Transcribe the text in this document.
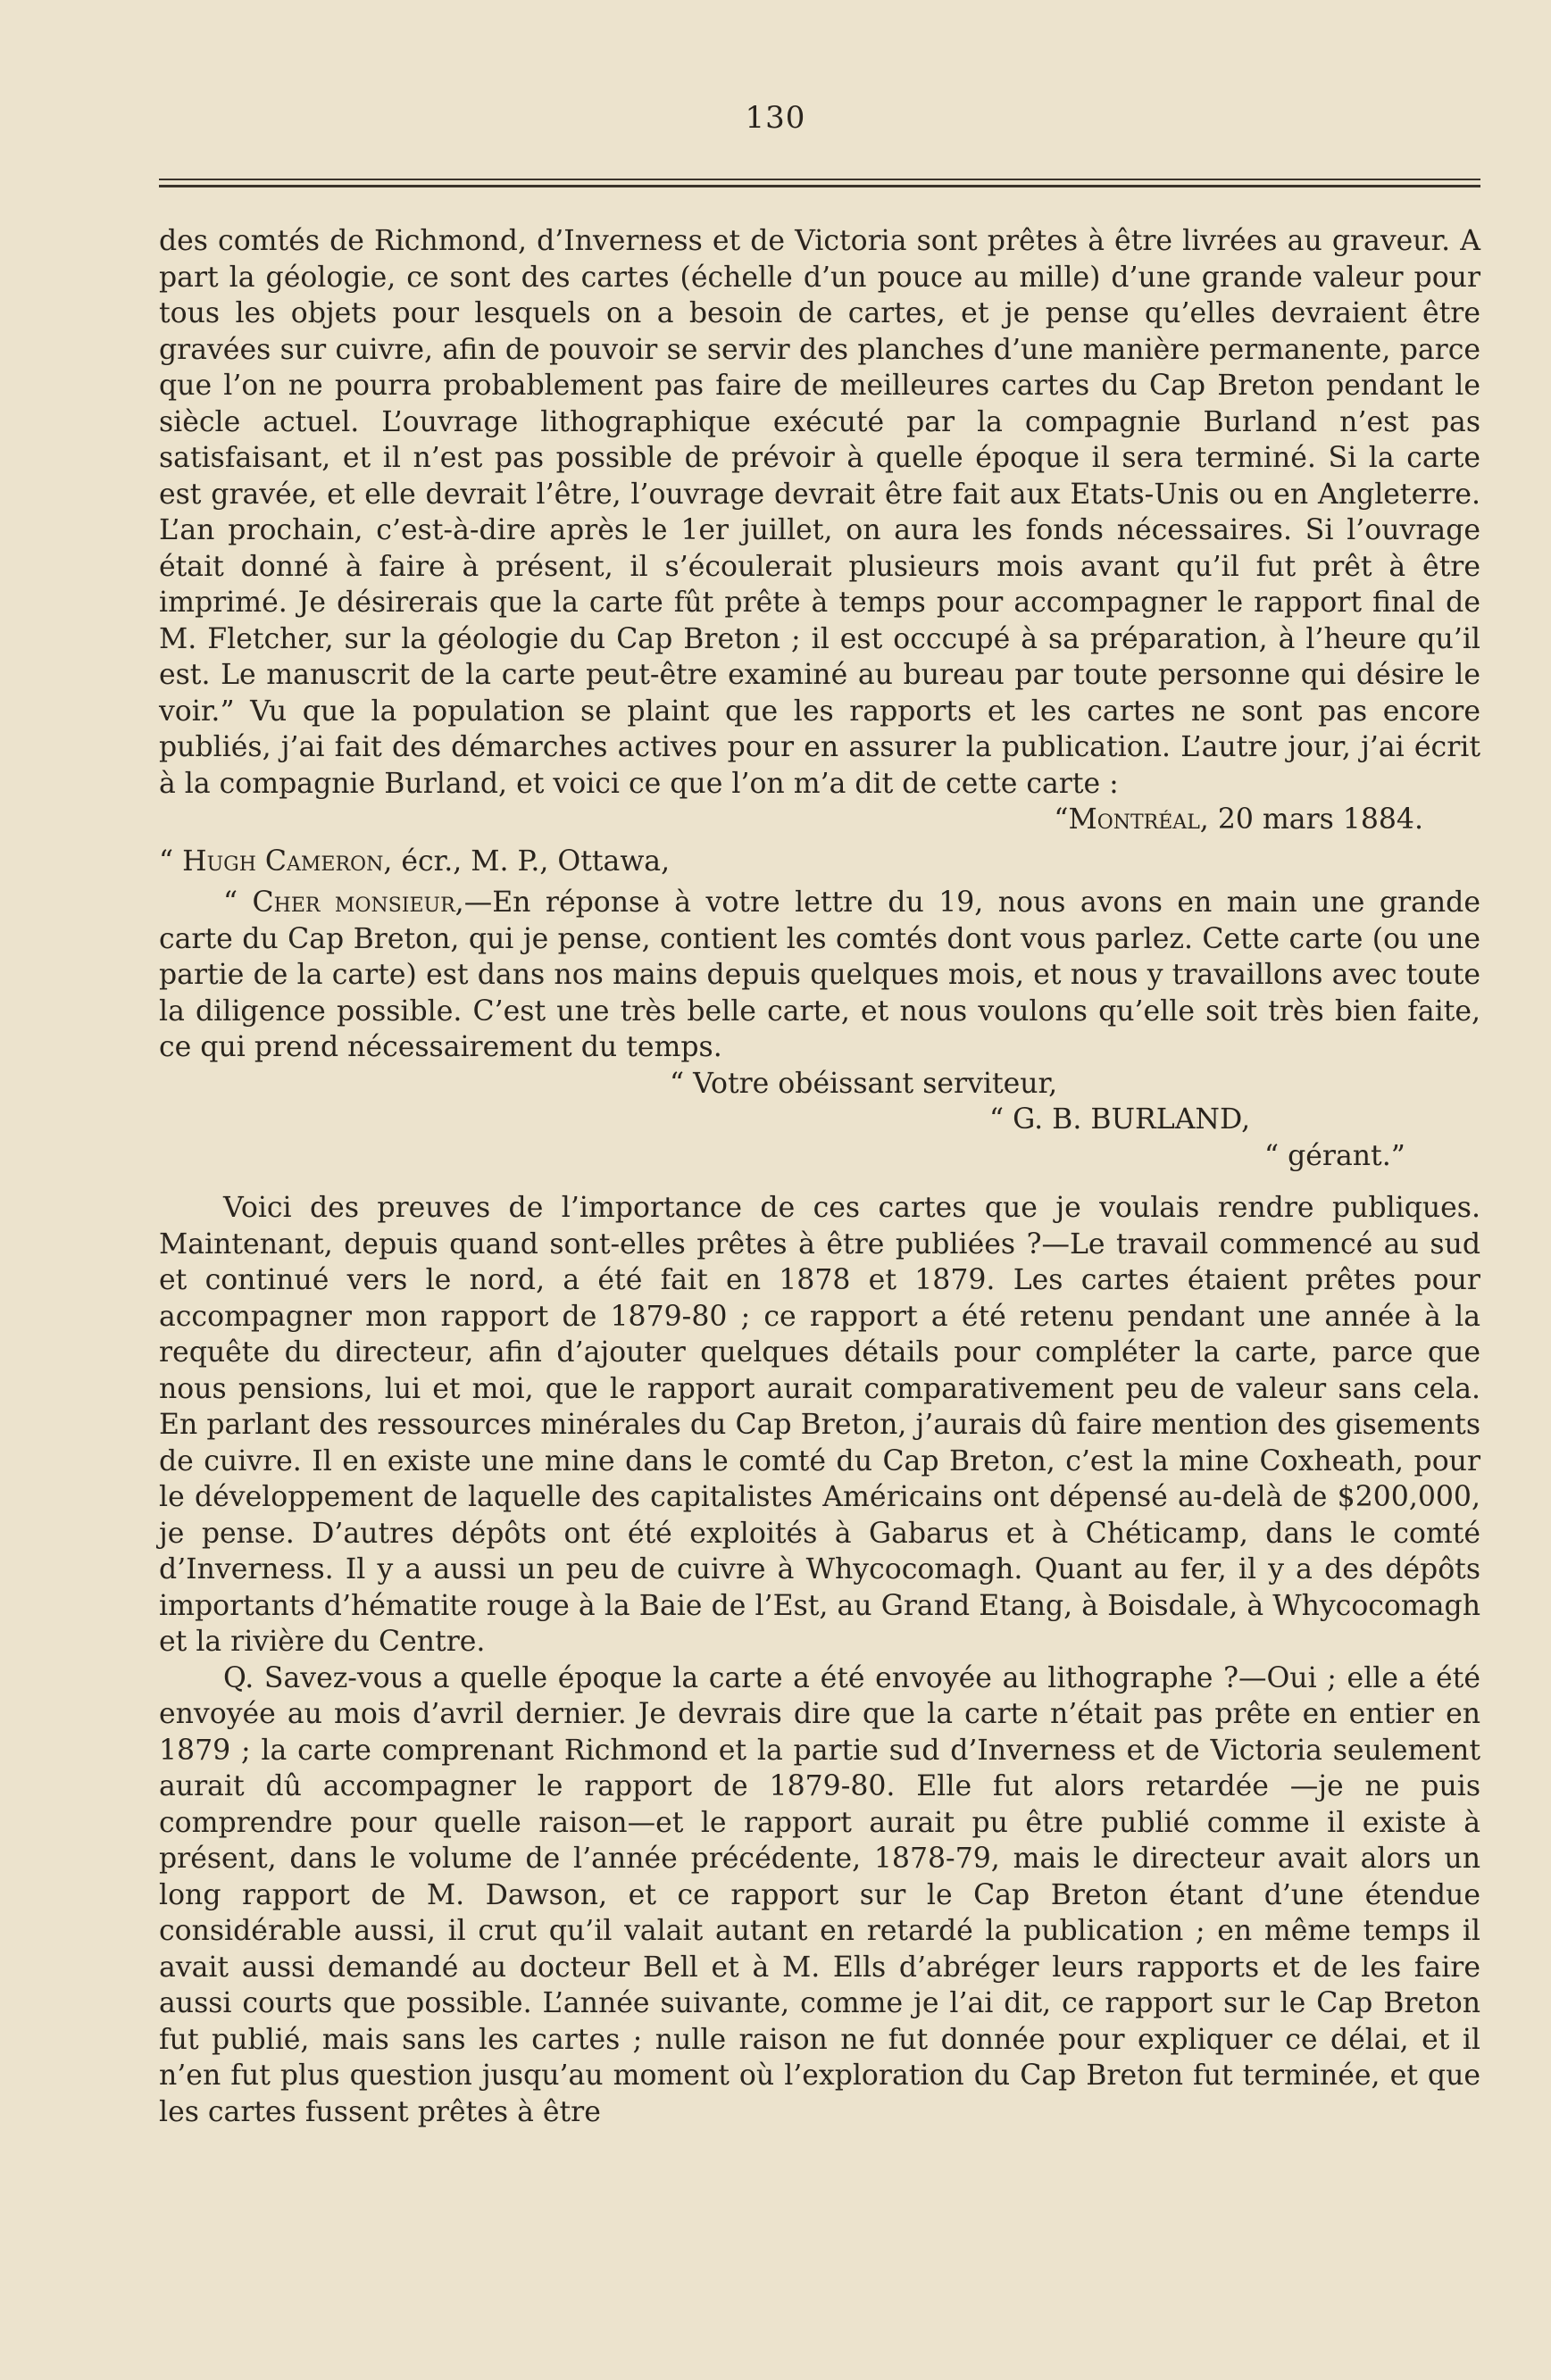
130

des comtés de Richmond, d’Inverness et de Victoria sont prêtes à être livrées au graveur. A part la géologie, ce sont des cartes (échelle d’un pouce au mille) d’une grande valeur pour tous les objets pour lesquels on a besoin de cartes, et je pense qu’elles devraient être gravées sur cuivre, afin de pouvoir se servir des planches d’une manière permanente, parce que l’on ne pourra probablement pas faire de meilleures cartes du Cap Breton pendant le siècle actuel. L’ouvrage lithographique exécuté par la compagnie Burland n’est pas satisfaisant, et il n’est pas possible de prévoir à quelle époque il sera terminé. Si la carte est gravée, et elle devrait l’être, l’ouvrage devrait être fait aux Etats-Unis ou en Angleterre. L’an prochain, c’est-à-dire après le 1er juillet, on aura les fonds nécessaires. Si l’ouvrage était donné à faire à présent, il s’écoulerait plusieurs mois avant qu’il fut prêt à être imprimé. Je désirerais que la carte fût prête à temps pour accompagner le rapport final de M. Fletcher, sur la géologie du Cap Breton ; il est occcupé à sa préparation, à l’heure qu’il est. Le manuscrit de la carte peut-être examiné au bureau par toute personne qui désire le voir.” Vu que la population se plaint que les rapports et les cartes ne sont pas encore publiés, j’ai fait des démarches actives pour en assurer la publication. L’autre jour, j’ai écrit à la compagnie Burland, et voici ce que l’on m’a dit de cette carte :

“Montréal, 20 mars 1884.

“ Hugh Cameron, écr., M. P., Ottawa,

“ Cher monsieur,—En réponse à votre lettre du 19, nous avons en main une grande carte du Cap Breton, qui je pense, contient les comtés dont vous parlez. Cette carte (ou une partie de la carte) est dans nos mains depuis quelques mois, et nous y travaillons avec toute la diligence possible. C’est une très belle carte, et nous voulons qu’elle soit très bien faite, ce qui prend nécessairement du temps.

“ Votre obéissant serviteur,

“ G. B. BURLAND,

“ gérant.”

Voici des preuves de l’importance de ces cartes que je voulais rendre publiques. Maintenant, depuis quand sont-elles prêtes à être publiées ?—Le travail commencé au sud et continué vers le nord, a été fait en 1878 et 1879. Les cartes étaient prêtes pour accompagner mon rapport de 1879-80 ; ce rapport a été retenu pendant une année à la requête du directeur, afin d’ajouter quelques détails pour compléter la carte, parce que nous pensions, lui et moi, que le rapport aurait comparativement peu de valeur sans cela. En parlant des ressources minérales du Cap Breton, j’aurais dû faire mention des gisements de cuivre. Il en existe une mine dans le comté du Cap Breton, c’est la mine Coxheath, pour le développement de laquelle des capitalistes Américains ont dépensé au-delà de $200,000, je pense. D’autres dépôts ont été exploités à Gabarus et à Chéticamp, dans le comté d’Inverness. Il y a aussi un peu de cuivre à Whycocomagh. Quant au fer, il y a des dépôts importants d’hématite rouge à la Baie de l’Est, au Grand Etang, à Boisdale, à Whycocomagh et la rivière du Centre.

Q. Savez-vous a quelle époque la carte a été envoyée au lithographe ?—Oui ; elle a été envoyée au mois d’avril dernier. Je devrais dire que la carte n’était pas prête en entier en 1879 ; la carte comprenant Richmond et la partie sud d’Inverness et de Victoria seulement aurait dû accompagner le rapport de 1879-80. Elle fut alors retardée —je ne puis comprendre pour quelle raison—et le rapport aurait pu être publié comme il existe à présent, dans le volume de l’année précédente, 1878-79, mais le directeur avait alors un long rapport de M. Dawson, et ce rapport sur le Cap Breton étant d’une étendue considérable aussi, il crut qu’il valait autant en retardé la publication ; en même temps il avait aussi demandé au docteur Bell et à M. Ells d’abréger leurs rapports et de les faire aussi courts que possible. L’année suivante, comme je l’ai dit, ce rapport sur le Cap Breton fut publié, mais sans les cartes ; nulle raison ne fut donnée pour expliquer ce délai, et il n’en fut plus question jusqu’au moment où l’exploration du Cap Breton fut terminée, et que les cartes fussent prêtes à être
